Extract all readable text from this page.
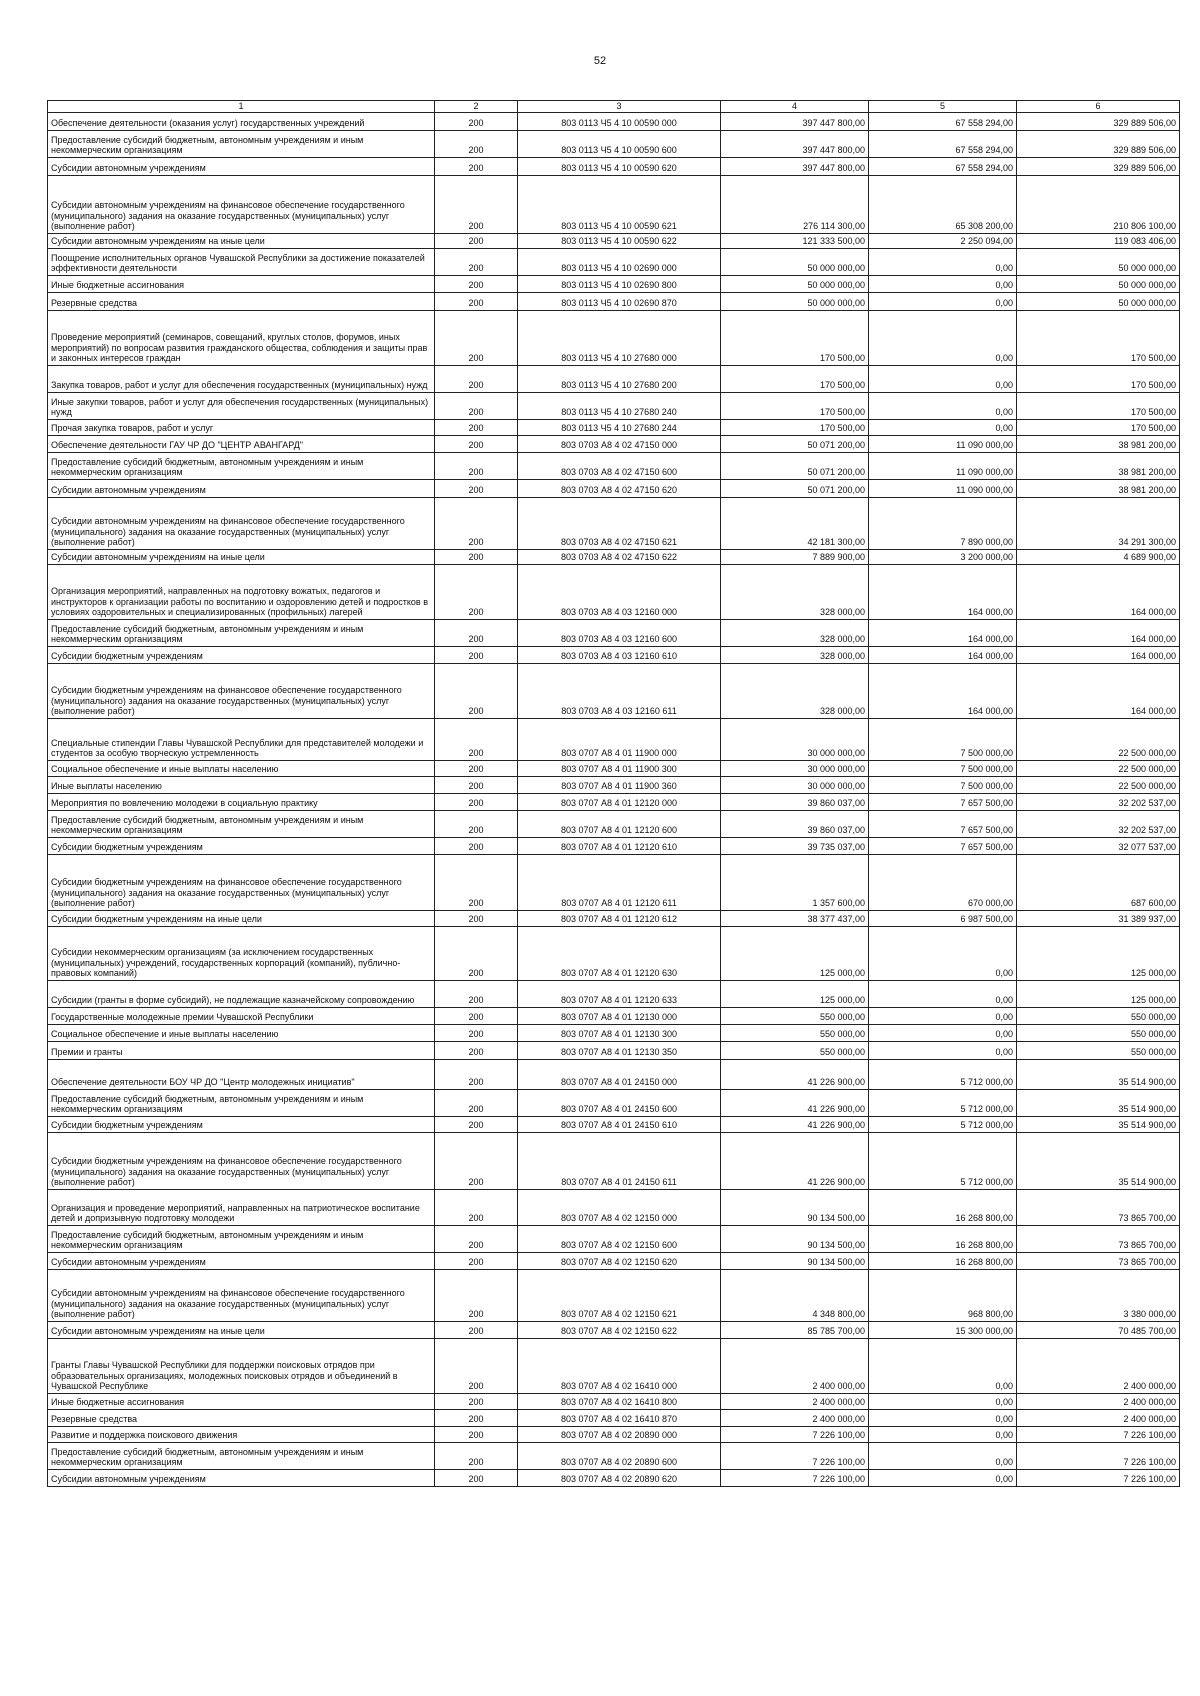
52
1	2	3	4	5	6
Обеспечение деятельности (оказания услуг) государственных учреждений	200	803 0113 Ч5 4 10 00590 000	397 447 800,00	67 558 294,00	329 889 506,00
Предоставление субсидий бюджетным, автономным учреждениям и иным некоммерческим организациям	200	803 0113 Ч5 4 10 00590 600	397 447 800,00	67 558 294,00	329 889 506,00
Субсидии автономным учреждениям	200	803 0113 Ч5 4 10 00590 620	397 447 800,00	67 558 294,00	329 889 506,00
Субсидии автономным учреждениям на финансовое обеспечение государственного (муниципального) задания на оказание государственных (муниципальных) услуг (выполнение работ)	200	803 0113 Ч5 4 10 00590 621	276 114 300,00	65 308 200,00	210 806 100,00
Субсидии автономным учреждениям на иные цели	200	803 0113 Ч5 4 10 00590 622	121 333 500,00	2 250 094,00	119 083 406,00
Поощрение исполнительных органов Чувашской Республики за достижение показателей эффективности деятельности	200	803 0113 Ч5 4 10 02690 000	50 000 000,00	0,00	50 000 000,00
Иные бюджетные ассигнования	200	803 0113 Ч5 4 10 02690 800	50 000 000,00	0,00	50 000 000,00
Резервные средства	200	803 0113 Ч5 4 10 02690 870	50 000 000,00	0,00	50 000 000,00
Проведение мероприятий (семинаров, совещаний, круглых столов, форумов, иных мероприятий) по вопросам развития гражданского общества, соблюдения и защиты прав и законных интересов граждан	200	803 0113 Ч5 4 10 27680 000	170 500,00	0,00	170 500,00
Закупка товаров, работ и услуг для обеспечения государственных (муниципальных) нужд	200	803 0113 Ч5 4 10 27680 200	170 500,00	0,00	170 500,00
Иные закупки товаров, работ и услуг для обеспечения государственных (муниципальных) нужд	200	803 0113 Ч5 4 10 27680 240	170 500,00	0,00	170 500,00
Прочая закупка товаров, работ и услуг	200	803 0113 Ч5 4 10 27680 244	170 500,00	0,00	170 500,00
Обеспечение деятельности ГАУ ЧР ДО "ЦЕНТР АВАНГАРД"	200	803 0703 А8 4 02 47150 000	50 071 200,00	11 090 000,00	38 981 200,00
Предоставление субсидий бюджетным, автономным учреждениям и иным некоммерческим организациям	200	803 0703 А8 4 02 47150 600	50 071 200,00	11 090 000,00	38 981 200,00
Субсидии автономным учреждениям	200	803 0703 А8 4 02 47150 620	50 071 200,00	11 090 000,00	38 981 200,00
Субсидии автономным учреждениям на финансовое обеспечение государственного (муниципального) задания на оказание государственных (муниципальных) услуг (выполнение работ)	200	803 0703 А8 4 02 47150 621	42 181 300,00	7 890 000,00	34 291 300,00
Субсидии автономным учреждениям на иные цели	200	803 0703 А8 4 02 47150 622	7 889 900,00	3 200 000,00	4 689 900,00
Организация мероприятий, направленных на подготовку вожатых, педагогов и инструкторов к организации работы по воспитанию и оздоровлению детей и подростков в условиях оздоровительных и специализированных (профильных) лагерей	200	803 0703 А8 4 03 12160 000	328 000,00	164 000,00	164 000,00
Предоставление субсидий бюджетным, автономным учреждениям и иным некоммерческим организациям	200	803 0703 А8 4 03 12160 600	328 000,00	164 000,00	164 000,00
Субсидии бюджетным учреждениям	200	803 0703 А8 4 03 12160 610	328 000,00	164 000,00	164 000,00
Субсидии бюджетным учреждениям на финансовое обеспечение государственного (муниципального) задания на оказание государственных (муниципальных) услуг (выполнение работ)	200	803 0703 А8 4 03 12160 611	328 000,00	164 000,00	164 000,00
Специальные стипендии Главы Чувашской Республики для представителей молодежи и студентов за особую творческую устремленность	200	803 0707 А8 4 01 11900 000	30 000 000,00	7 500 000,00	22 500 000,00
Социальное обеспечение и иные выплаты населению	200	803 0707 А8 4 01 11900 300	30 000 000,00	7 500 000,00	22 500 000,00
Иные выплаты населению	200	803 0707 А8 4 01 11900 360	30 000 000,00	7 500 000,00	22 500 000,00
Мероприятия по вовлечению молодежи в социальную практику	200	803 0707 А8 4 01 12120 000	39 860 037,00	7 657 500,00	32 202 537,00
Предоставление субсидий бюджетным, автономным учреждениям и иным некоммерческим организациям	200	803 0707 А8 4 01 12120 600	39 860 037,00	7 657 500,00	32 202 537,00
Субсидии бюджетным учреждениям	200	803 0707 А8 4 01 12120 610	39 735 037,00	7 657 500,00	32 077 537,00
Субсидии бюджетным учреждениям на финансовое обеспечение государственного (муниципального) задания на оказание государственных (муниципальных) услуг (выполнение работ)	200	803 0707 А8 4 01 12120 611	1 357 600,00	670 000,00	687 600,00
Субсидии бюджетным учреждениям на иные цели	200	803 0707 А8 4 01 12120 612	38 377 437,00	6 987 500,00	31 389 937,00
Субсидии некоммерческим организациям (за исключением государственных (муниципальных) учреждений, государственных корпораций (компаний), публично-правовых компаний)	200	803 0707 А8 4 01 12120 630	125 000,00	0,00	125 000,00
Субсидии (гранты в форме субсидий), не подлежащие казначейскому сопровождению	200	803 0707 А8 4 01 12120 633	125 000,00	0,00	125 000,00
Государственные молодежные премии Чувашской Республики	200	803 0707 А8 4 01 12130 000	550 000,00	0,00	550 000,00
Социальное обеспечение и иные выплаты населению	200	803 0707 А8 4 01 12130 300	550 000,00	0,00	550 000,00
Премии и гранты	200	803 0707 А8 4 01 12130 350	550 000,00	0,00	550 000,00
Обеспечение деятельности БОУ ЧР ДО "Центр молодежных инициатив"	200	803 0707 А8 4 01 24150 000	41 226 900,00	5 712 000,00	35 514 900,00
Предоставление субсидий бюджетным, автономным учреждениям и иным некоммерческим организациям	200	803 0707 А8 4 01 24150 600	41 226 900,00	5 712 000,00	35 514 900,00
Субсидии бюджетным учреждениям	200	803 0707 А8 4 01 24150 610	41 226 900,00	5 712 000,00	35 514 900,00
Субсидии бюджетным учреждениям на финансовое обеспечение государственного (муниципального) задания на оказание государственных (муниципальных) услуг (выполнение работ)	200	803 0707 А8 4 01 24150 611	41 226 900,00	5 712 000,00	35 514 900,00
Организация и проведение мероприятий, направленных на патриотическое воспитание детей и допризывную подготовку молодежи	200	803 0707 А8 4 02 12150 000	90 134 500,00	16 268 800,00	73 865 700,00
Предоставление субсидий бюджетным, автономным учреждениям и иным некоммерческим организациям	200	803 0707 А8 4 02 12150 600	90 134 500,00	16 268 800,00	73 865 700,00
Субсидии автономным учреждениям	200	803 0707 А8 4 02 12150 620	90 134 500,00	16 268 800,00	73 865 700,00
Субсидии автономным учреждениям на финансовое обеспечение государственного (муниципального) задания на оказание государственных (муниципальных) услуг (выполнение работ)	200	803 0707 А8 4 02 12150 621	4 348 800,00	968 800,00	3 380 000,00
Субсидии автономным учреждениям на иные цели	200	803 0707 А8 4 02 12150 622	85 785 700,00	15 300 000,00	70 485 700,00
Гранты Главы Чувашской Республики для поддержки поисковых отрядов при образовательных организациях, молодежных поисковых отрядов и объединений в Чувашской Республике	200	803 0707 А8 4 02 16410 000	2 400 000,00	0,00	2 400 000,00
Иные бюджетные ассигнования	200	803 0707 А8 4 02 16410 800	2 400 000,00	0,00	2 400 000,00
Резервные средства	200	803 0707 А8 4 02 16410 870	2 400 000,00	0,00	2 400 000,00
Развитие и поддержка поискового движения	200	803 0707 А8 4 02 20890 000	7 226 100,00	0,00	7 226 100,00
Предоставление субсидий бюджетным, автономным учреждениям и иным некоммерческим организациям	200	803 0707 А8 4 02 20890 600	7 226 100,00	0,00	7 226 100,00
Субсидии автономным учреждениям	200	803 0707 А8 4 02 20890 620	7 226 100,00	0,00	7 226 100,00
